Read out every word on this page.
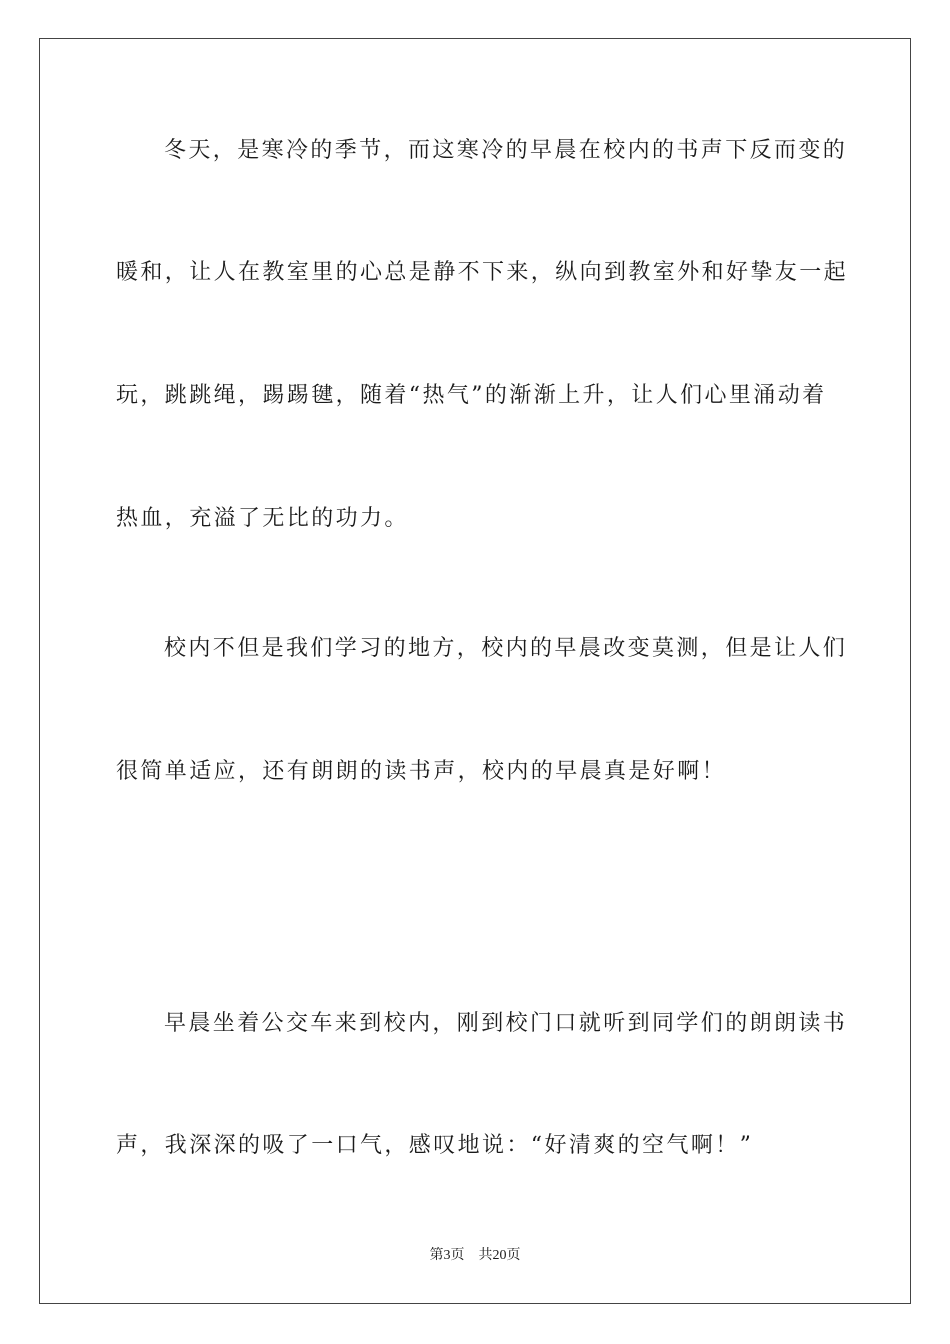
冬天，是寒冷的季节，而这寒冷的早晨在校内的书声下反而变的
暖和，让人在教室里的心总是静不下来，纵向到教室外和好挚友一起
玩，跳跳绳，踢踢毽，随着“热气”的渐渐上升，让人们心里涌动着
热血，充溢了无比的功力。
校内不但是我们学习的地方，校内的早晨改变莫测，但是让人们
很简单适应，还有朗朗的读书声，校内的早晨真是好啊！
早晨坐着公交车来到校内，刚到校门口就听到同学们的朗朗读书
声，我深深的吸了一口气，感叹地说：“好清爽的空气啊！”
第3页 共20页
